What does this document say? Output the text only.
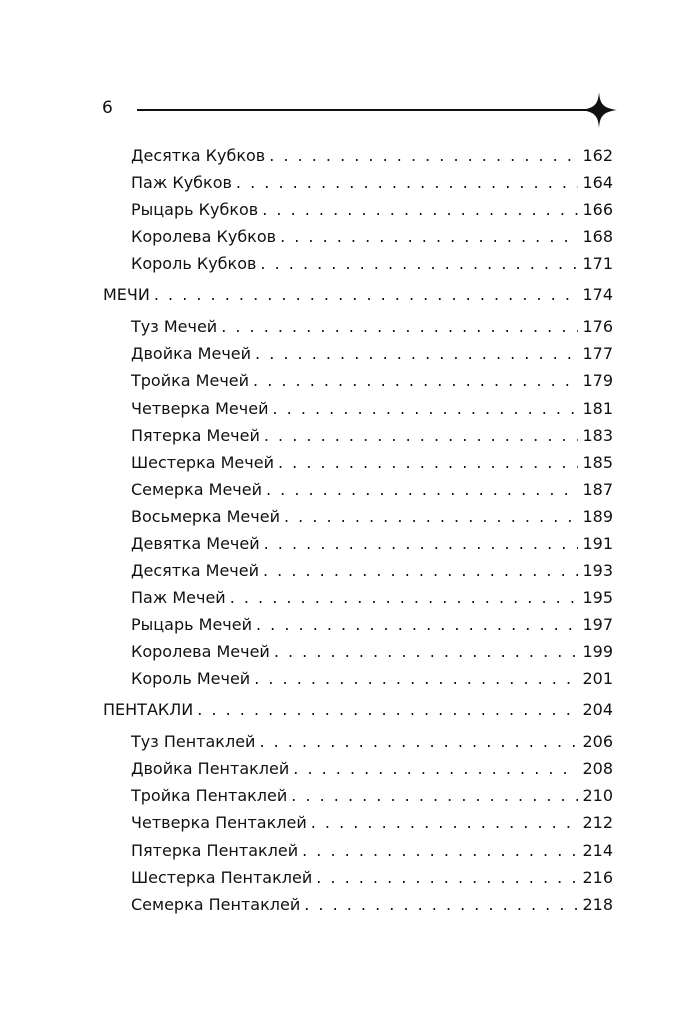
6
Десятка Кубков . . .	162
Паж Кубков . . .	164
Рыцарь Кубков . . .	166
Королева Кубков . . .	168
Король Кубков . . .	171
МЕЧИ . . .	174
Туз Мечей . . .	176
Двойка Мечей . . .	177
Тройка Мечей . . .	179
Четверка Мечей . . .	181
Пятерка Мечей . . .	183
Шестерка Мечей . . .	185
Семерка Мечей . . .	187
Восьмерка Мечей . . .	189
Девятка Мечей . . .	191
Десятка Мечей . . .	193
Паж Мечей . . .	195
Рыцарь Мечей . . .	197
Королева Мечей . . .	199
Король Мечей . . .	201
ПЕНТАКЛИ . . .	204
Туз Пентаклей . . .	206
Двойка Пентаклей . . .	208
Тройка Пентаклей . . .	210
Четверка Пентаклей . . .	212
Пятерка Пентаклей . . .	214
Шестерка Пентаклей . . .	216
Семерка Пентаклей . . .	218
